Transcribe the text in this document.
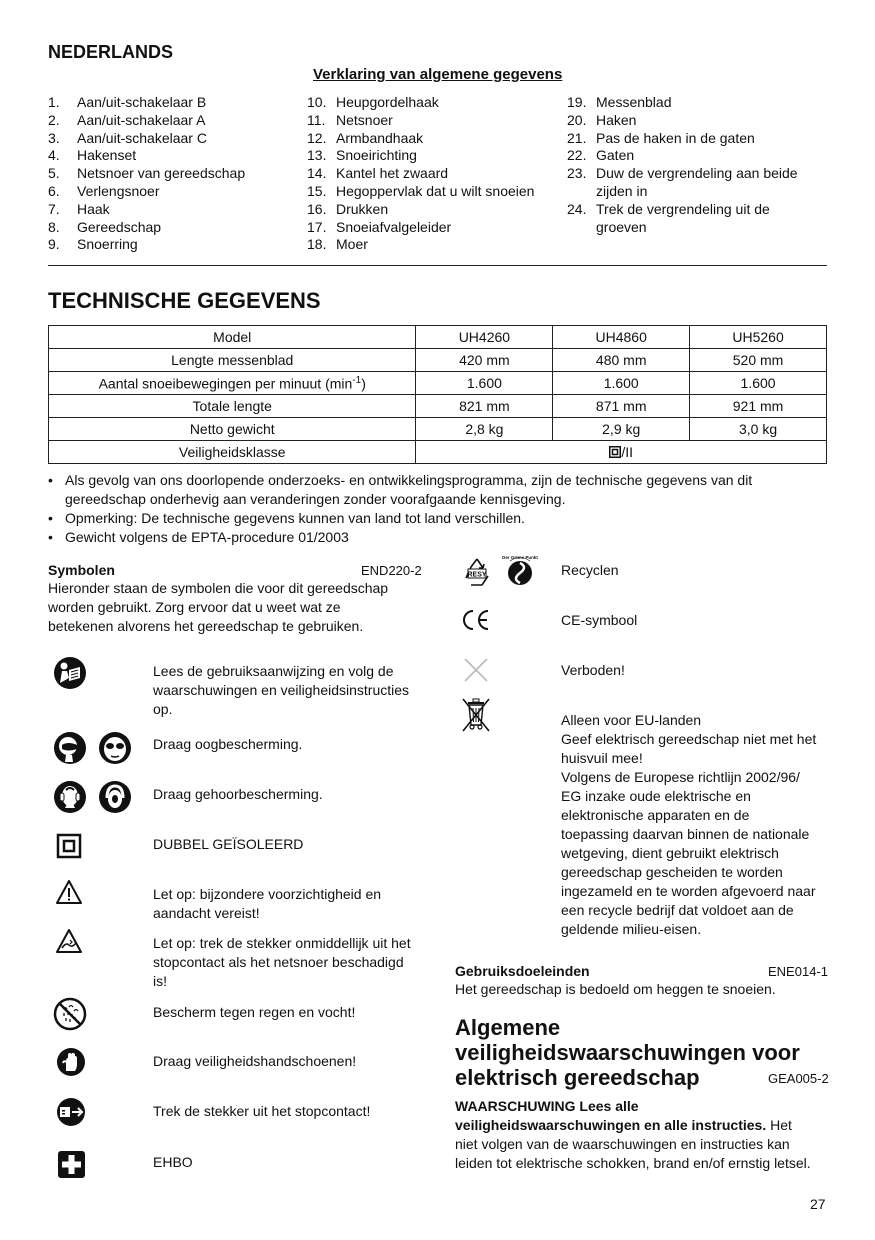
NEDERLANDS
Verklaring van algemene gegevens
1.	Aan/uit-schakelaar B
2.	Aan/uit-schakelaar A
3.	Aan/uit-schakelaar C
4.	Hakenset
5.	Netsnoer van gereedschap
6.	Verlengsnoer
7.	Haak
8.	Gereedschap
9.	Snoerring
10. Heupgordelhaak
11. Netsnoer
12. Armbandhaak
13. Snoeirichting
14. Kantel het zwaard
15. Hegoppervlak dat u wilt snoeien
16. Drukken
17. Snoeiafvalgeleider
18. Moer
19. Messenblad
20. Haken
21. Pas de haken in de gaten
22. Gaten
23. Duw de vergrendeling aan beide
zijden in
24. Trek de vergrendeling uit de
groeven
TECHNISCHE GEGEVENS
Model	UH4260	UH4860	UH5260
Lengte messenblad	420 mm	480 mm	520 mm
Aantal snoeibewegingen per minuut $(\min^{-1})$	1.600	1.600	1.600
Totale lengte	821 mm	871 mm	921 mm
Netto gewicht	2,8 kg	2,9 kg	3,0 kg
Veiligheidsklasse	/II		
• Als gevolg van ons doorlopende onderzoeks- en ontwikkelingsprogramma, zijn de technische gegevens van dit
gereedschap onderhevig aan veranderingen zonder voorafgaande kennisgeving.
• Opmerking: De technische gegevens kunnen van land tot land verschillen.
• Gewicht volgens de EPTA-procedure 01/2003
Symbolen	END220-2
Hieronder staan de symbolen die voor dit gereedschap
worden gebruikt. Zorg ervoor dat u weet wat ze
betekenen alvorens het gereedschap te gebruiken.
Lees de gebruiksaanwijzing en volg de
waarschuwingen en veiligheidsinstructies
op.
Draag oogbescherming.
Draag gehoorbescherming.
DUBBEL GEÏSOLEERD
Let op: bijzondere voorzichtigheid en
aandacht vereist!
Let op: trek de stekker onmiddellijk uit het
stopcontact als het netsnoer beschadigd
is!
Bescherm tegen regen en vocht!
Draag veiligheidshandschoenen!
Trek de stekker uit het stopcontact!
EHBO
RESY
Der Grüne Punkt
Recyclen
CE-symbool
Verboden!
Alleen voor EU-landen
Geef elektrisch gereedschap niet met het
huisvuil mee!
Volgens de Europese richtlijn 2002/96/
EG inzake oude elektrische en
elektronische apparaten en de
toepassing daarvan binnen de nationale
wetgeving, dient gebruikt elektrisch
gereedschap gescheiden te worden
ingezameld en te worden afgevoerd naar
een recycle bedrijf dat voldoet aan de
geldende milieu-eisen.
Gebruiksdoeleinden	ENE014-1
Het gereedschap is bedoeld om heggen te snoeien.
Algemene
veiligheidswaarschuwingen voor
elektrisch gereedschap	GEA005-2
WAARSCHUWING Lees alle
veiligheidswaarschuwingen en alle instructies. Het
niet volgen van de waarschuwingen en instructies kan
leiden tot elektrische schokken, brand en/of ernstig letsel.
27
